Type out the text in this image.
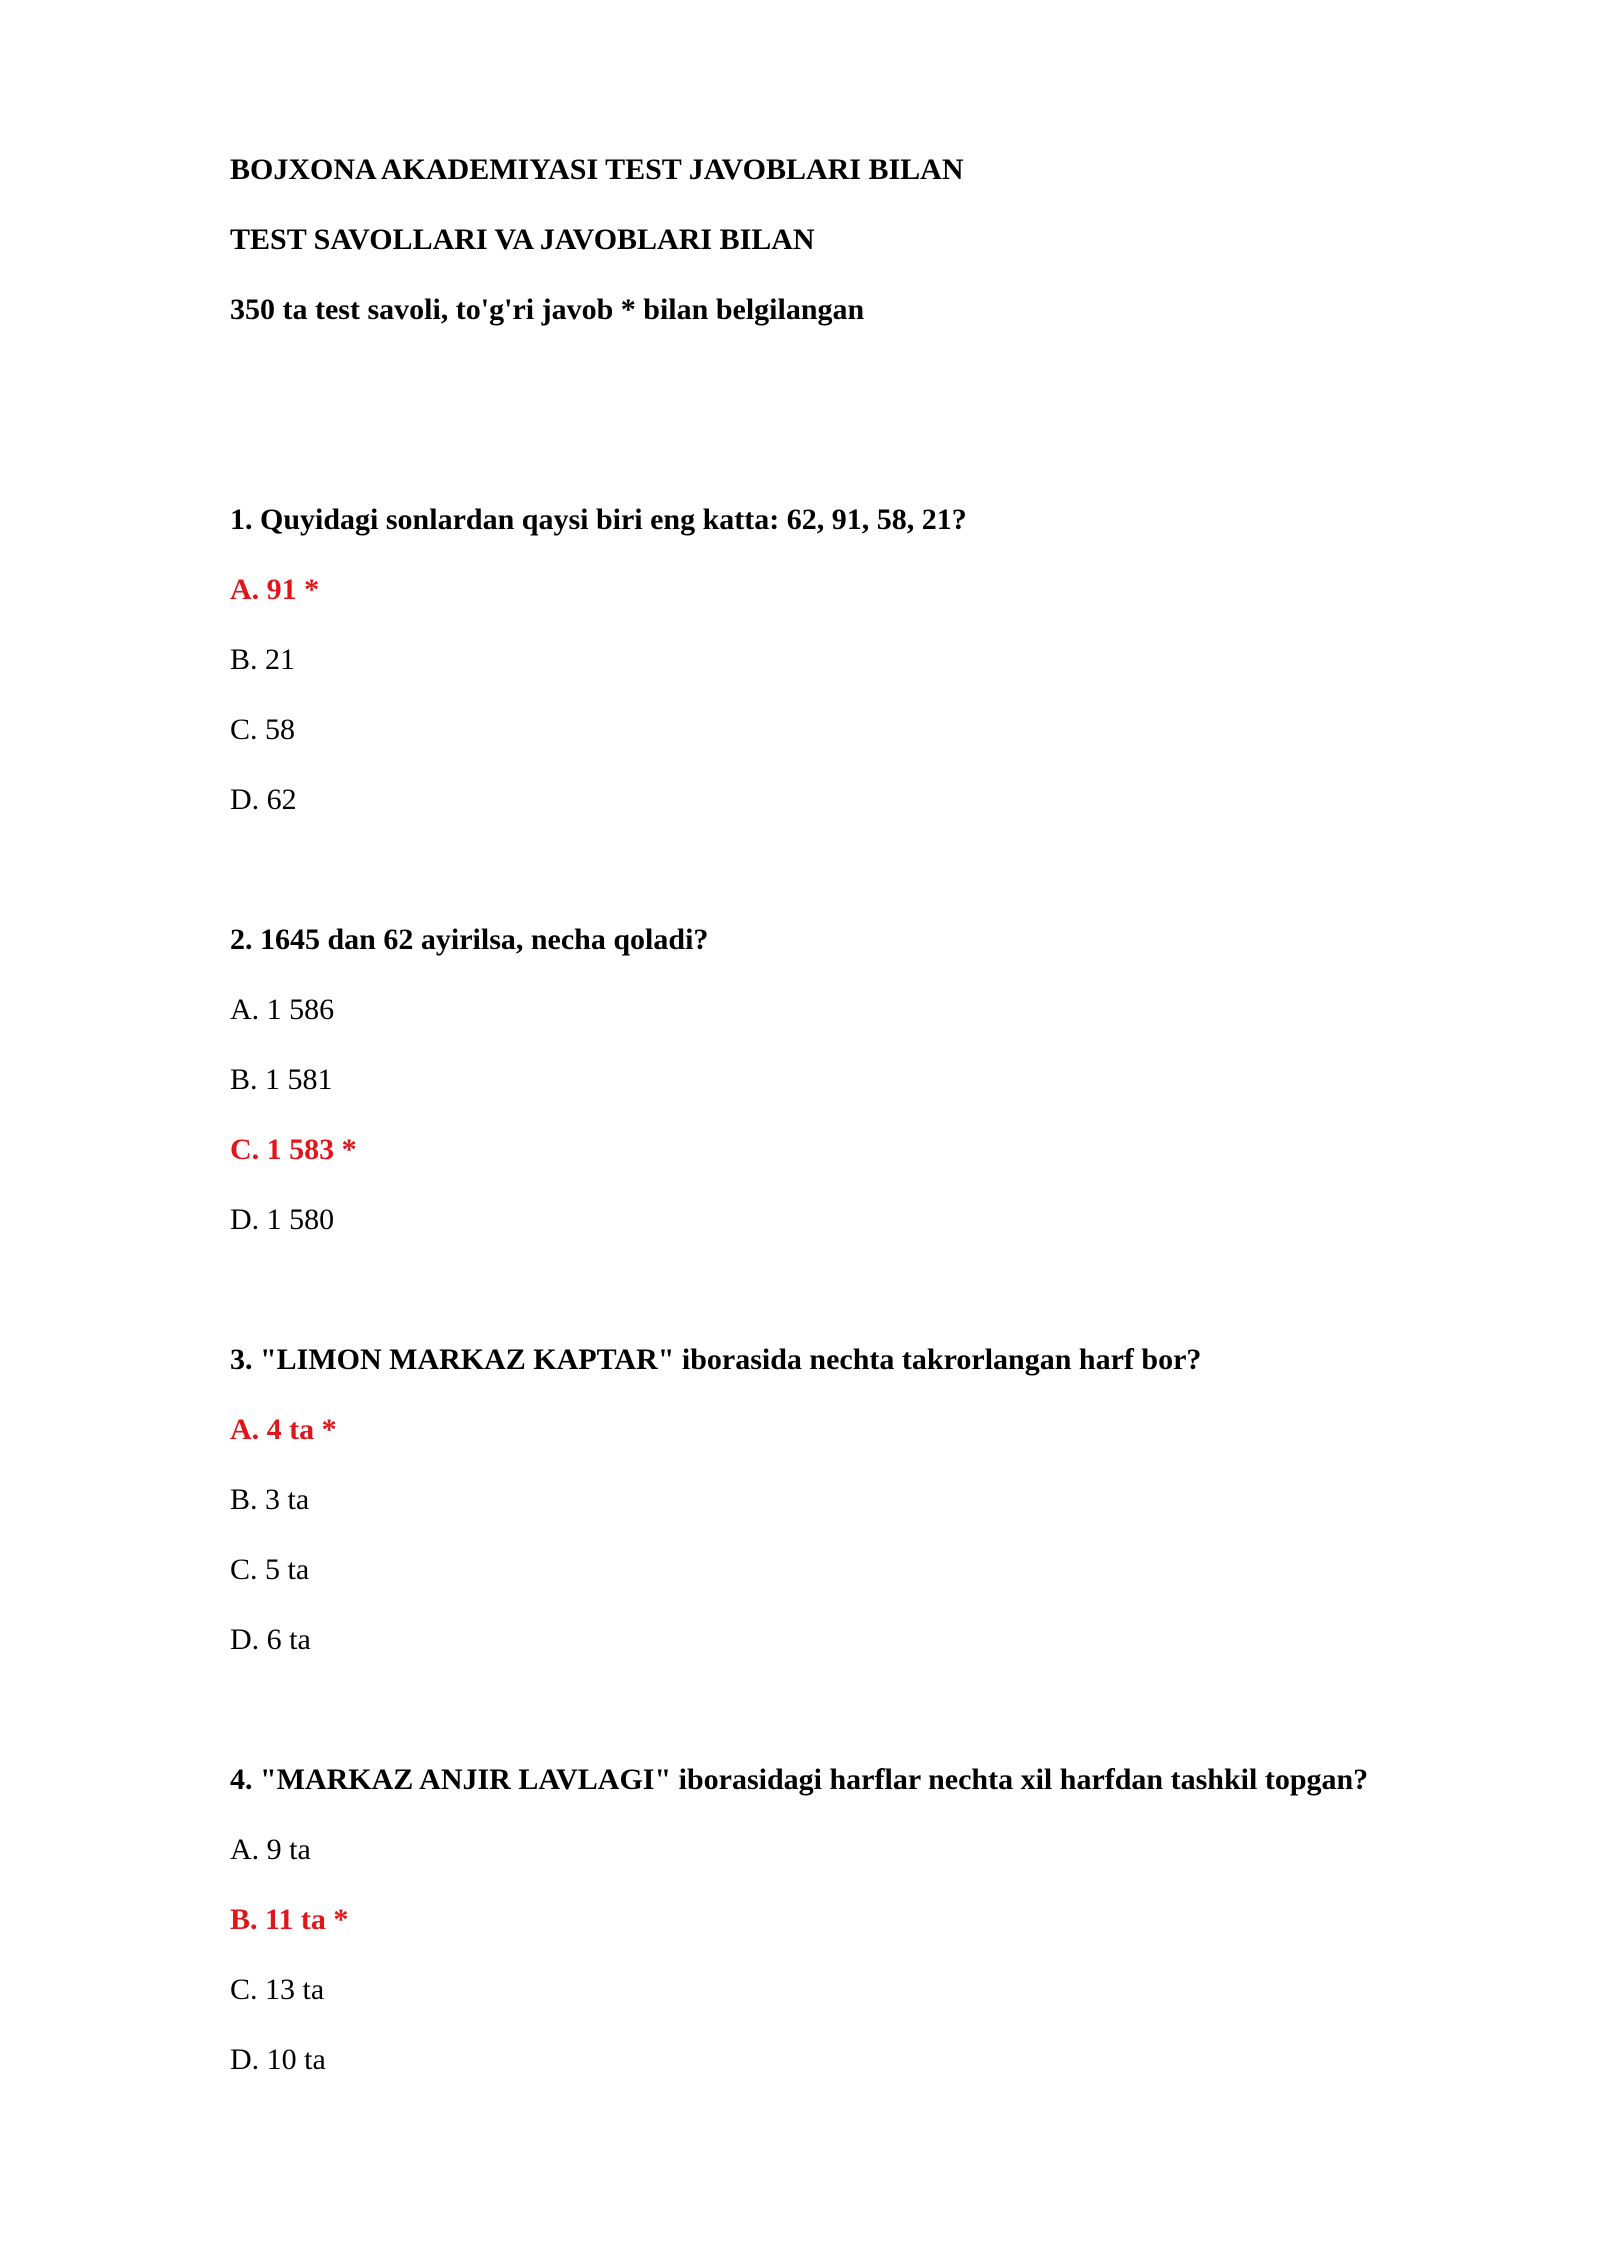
BOJXONA AKADEMIYASI TEST JAVOBLARI BILAN
TEST SAVOLLARI VA JAVOBLARI BILAN
350 ta test savoli, to'g'ri javob * bilan belgilangan
1. Quyidagi sonlardan qaysi biri eng katta: 62, 91, 58, 21?
A. 91 *
B. 21
C. 58
D. 62
2. 1645 dan 62 ayirilsa, necha qoladi?
A. 1 586
B. 1 581
C. 1 583 *
D. 1 580
3. "LIMON MARKAZ KAPTAR" iborasida nechta takrorlangan harf bor?
A. 4 ta *
B. 3 ta
C. 5 ta
D. 6 ta
4. "MARKAZ ANJIR LAVLAGI" iborasidagi harflar nechta xil harfdan tashkil topgan?
A. 9 ta
B. 11 ta *
C. 13 ta
D. 10 ta
